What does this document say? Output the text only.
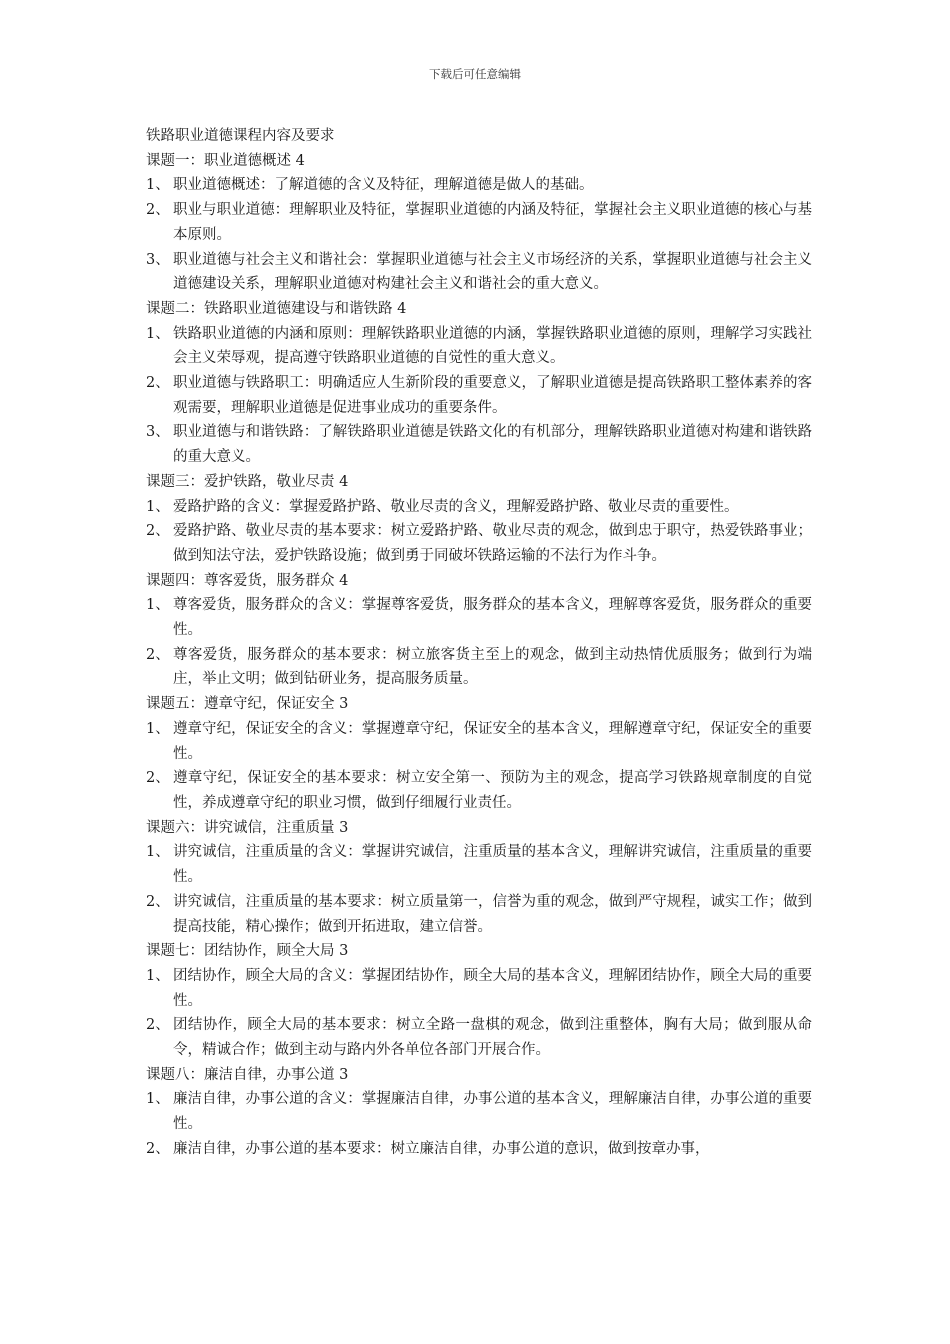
下载后可任意编辑
铁路职业道德课程内容及要求
课题一：职业道德概述 4
1、 职业道德概述：了解道德的含义及特征，理解道德是做人的基础。
2、 职业与职业道德：理解职业及特征，掌握职业道德的内涵及特征，掌握社会主义职业道德的核心与基本原则。
3、 职业道德与社会主义和谐社会：掌握职业道德与社会主义市场经济的关系，掌握职业道德与社会主义道德建设关系，理解职业道德对构建社会主义和谐社会的重大意义。
课题二：铁路职业道德建设与和谐铁路 4
1、 铁路职业道德的内涵和原则：理解铁路职业道德的内涵，掌握铁路职业道德的原则，理解学习实践社会主义荣辱观，提高遵守铁路职业道德的自觉性的重大意义。
2、 职业道德与铁路职工：明确适应人生新阶段的重要意义，了解职业道德是提高铁路职工整体素养的客观需要，理解职业道德是促进事业成功的重要条件。
3、 职业道德与和谐铁路：了解铁路职业道德是铁路文化的有机部分，理解铁路职业道德对构建和谐铁路的重大意义。
课题三：爱护铁路，敬业尽责 4
1、 爱路护路的含义：掌握爱路护路、敬业尽责的含义，理解爱路护路、敬业尽责的重要性。
2、 爱路护路、敬业尽责的基本要求：树立爱路护路、敬业尽责的观念，做到忠于职守，热爱铁路事业；做到知法守法，爱护铁路设施；做到勇于同破坏铁路运输的不法行为作斗争。
课题四：尊客爱货，服务群众 4
1、 尊客爱货，服务群众的含义：掌握尊客爱货，服务群众的基本含义，理解尊客爱货，服务群众的重要性。
2、 尊客爱货，服务群众的基本要求：树立旅客货主至上的观念，做到主动热情优质服务；做到行为端庄，举止文明；做到钻研业务，提高服务质量。
课题五：遵章守纪，保证安全 3
1、 遵章守纪，保证安全的含义：掌握遵章守纪，保证安全的基本含义，理解遵章守纪，保证安全的重要性。
2、 遵章守纪，保证安全的基本要求：树立安全第一、预防为主的观念，提高学习铁路规章制度的自觉性，养成遵章守纪的职业习惯，做到仔细履行业责任。
课题六：讲究诚信，注重质量 3
1、 讲究诚信，注重质量的含义：掌握讲究诚信，注重质量的基本含义，理解讲究诚信，注重质量的重要性。
2、 讲究诚信，注重质量的基本要求：树立质量第一，信誉为重的观念，做到严守规程，诚实工作；做到提高技能，精心操作；做到开拓进取，建立信誉。
课题七：团结协作，顾全大局 3
1、 团结协作，顾全大局的含义：掌握团结协作，顾全大局的基本含义，理解团结协作，顾全大局的重要性。
2、 团结协作，顾全大局的基本要求：树立全路一盘棋的观念，做到注重整体，胸有大局；做到服从命令，精诚合作；做到主动与路内外各单位各部门开展合作。
课题八：廉洁自律，办事公道 3
1、 廉洁自律，办事公道的含义：掌握廉洁自律，办事公道的基本含义，理解廉洁自律，办事公道的重要性。
2、 廉洁自律，办事公道的基本要求：树立廉洁自律，办事公道的意识，做到按章办事，
